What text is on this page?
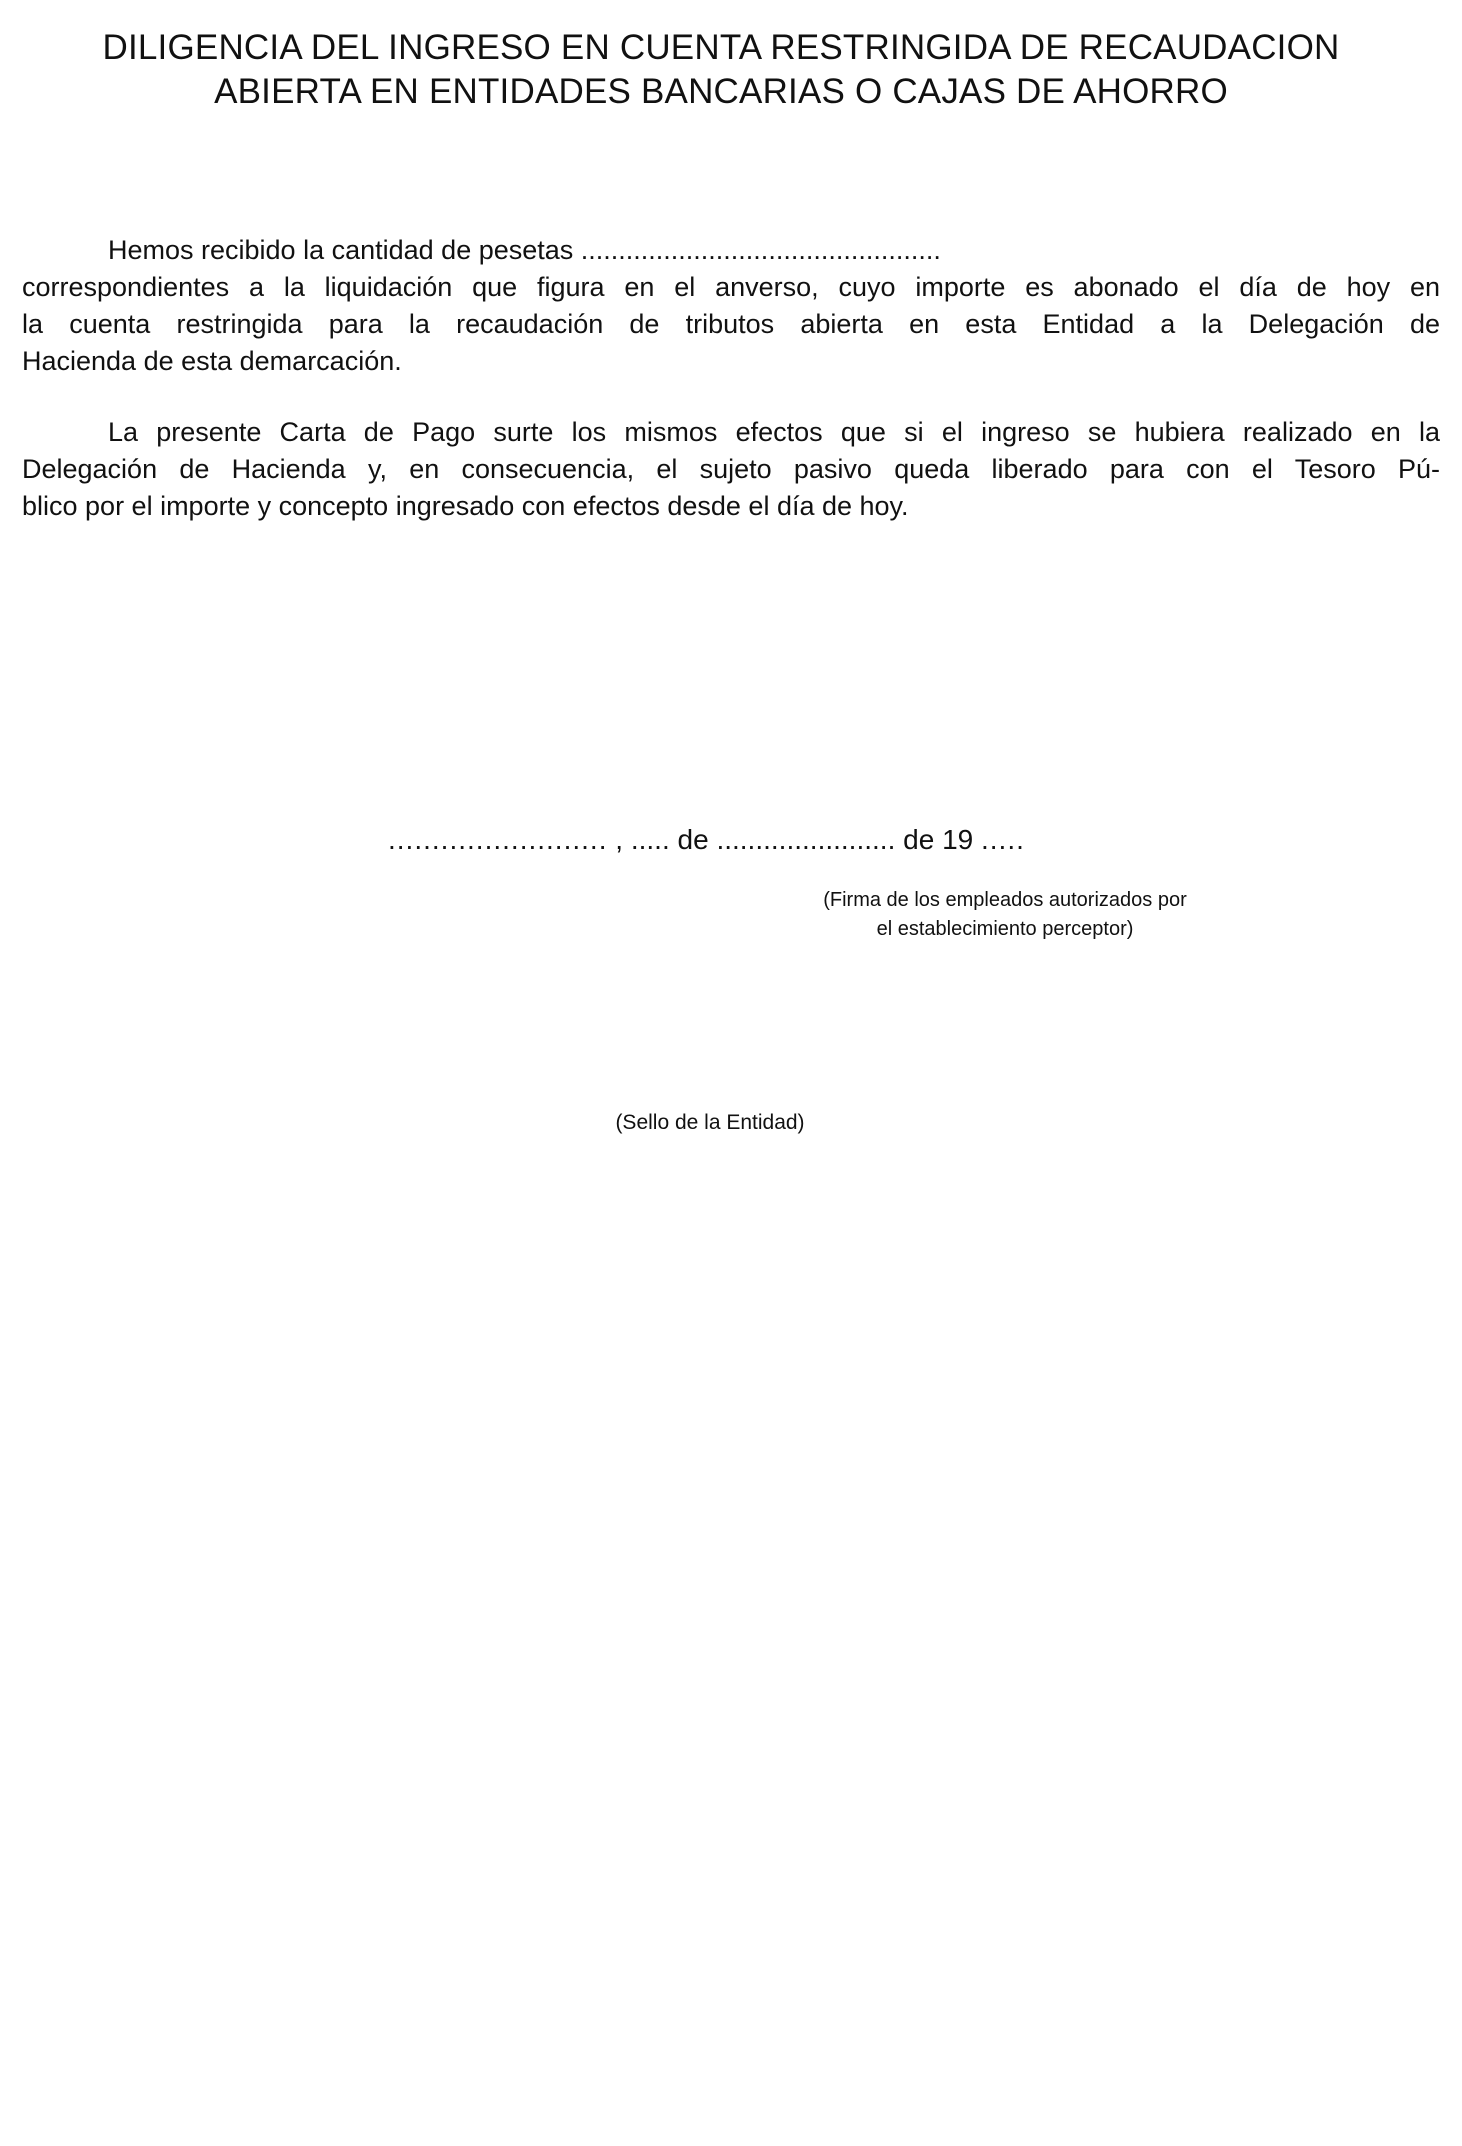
DILIGENCIA DEL INGRESO EN CUENTA RESTRINGIDA DE RECAUDACION
ABIERTA EN ENTIDADES BANCARIAS O CAJAS DE AHORRO
Hemos recibido la cantidad de pesetas ................................................
correspondientes a la liquidación que figura en el anverso, cuyo importe es abonado el día de hoy en
la cuenta restringida para la recaudación de tributos abierta en esta Entidad a la Delegación de
Hacienda de esta demarcación.
La presente Carta de Pago surte los mismos efectos que si el ingreso se hubiera realizado en la
Delegación de Hacienda y, en consecuencia, el sujeto pasivo queda liberado para con el Tesoro Pú-
blico por el importe y concepto ingresado con efectos desde el día de hoy.
......................... , ..... de ....................... de 19 .....
(Firma de los empleados autorizados por
el establecimiento perceptor)
(Sello de la Entidad)
